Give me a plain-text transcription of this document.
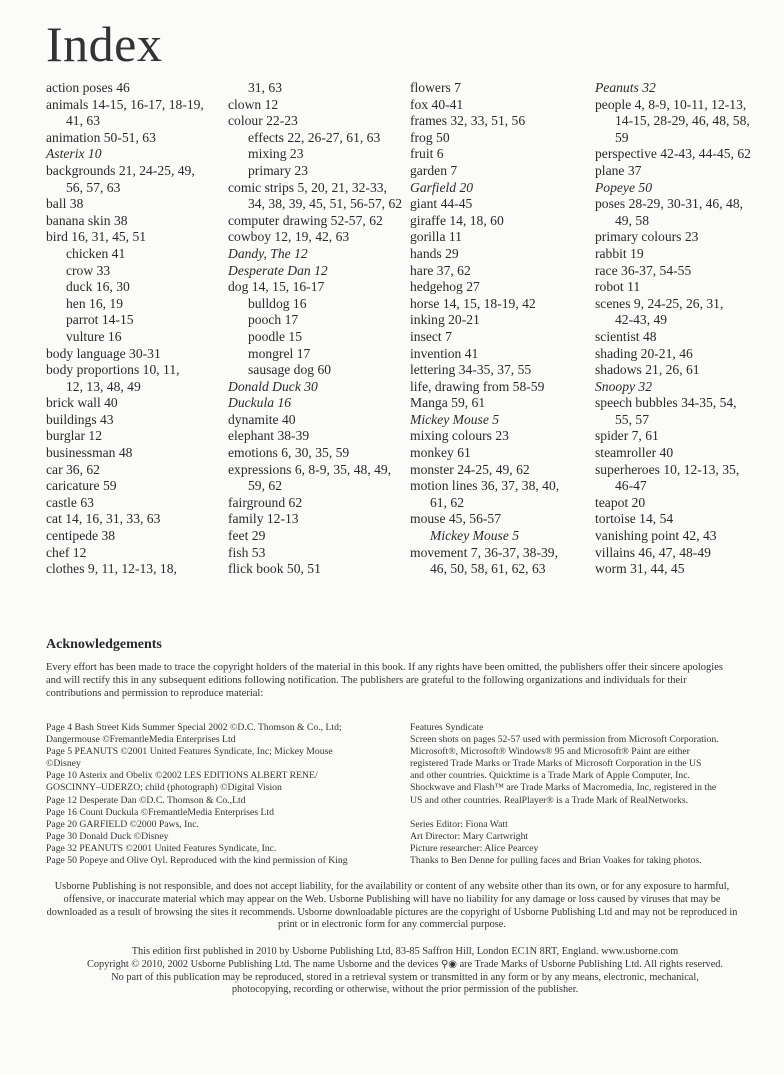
Index
action poses 46
animals 14-15, 16-17, 18-19,
41, 63
animation 50-51, 63
Asterix 10
backgrounds 21, 24-25, 49,
56, 57, 63
ball 38
banana skin 38
bird 16, 31, 45, 51
chicken 41
crow 33
duck 16, 30
hen 16, 19
parrot 14-15
vulture 16
body language 30-31
body proportions 10, 11,
12, 13, 48, 49
brick wall 40
buildings 43
burglar 12
businessman 48
car 36, 62
caricature 59
castle 63
cat 14, 16, 31, 33, 63
centipede 38
chef 12
clothes 9, 11, 12-13, 18,
31, 63
clown 12
colour 22-23
effects 22, 26-27, 61, 63
mixing 23
primary 23
comic strips 5, 20, 21, 32-33,
34, 38, 39, 45, 51, 56-57, 62
computer drawing 52-57, 62
cowboy 12, 19, 42, 63
Dandy, The 12
Desperate Dan 12
dog 14, 15, 16-17
bulldog 16
pooch 17
poodle 15
mongrel 17
sausage dog 60
Donald Duck 30
Duckula 16
dynamite 40
elephant 38-39
emotions 6, 30, 35, 59
expressions 6, 8-9, 35, 48, 49,
59, 62
fairground 62
family 12-13
feet 29
fish 53
flick book 50, 51
flowers 7
fox 40-41
frames 32, 33, 51, 56
frog 50
fruit 6
garden 7
Garfield 20
giant 44-45
giraffe 14, 18, 60
gorilla 11
hands 29
hare 37, 62
hedgehog 27
horse 14, 15, 18-19, 42
inking 20-21
insect 7
invention 41
lettering 34-35, 37, 55
life, drawing from 58-59
Manga 59, 61
Mickey Mouse 5
mixing colours 23
monkey 61
monster 24-25, 49, 62
motion lines 36, 37, 38, 40,
61, 62
mouse 45, 56-57
Mickey Mouse 5
movement 7, 36-37, 38-39,
46, 50, 58, 61, 62, 63
Peanuts 32
people 4, 8-9, 10-11, 12-13,
14-15, 28-29, 46, 48, 58,
59
perspective 42-43, 44-45, 62
plane 37
Popeye 50
poses 28-29, 30-31, 46, 48,
49, 58
primary colours 23
rabbit 19
race 36-37, 54-55
robot 11
scenes 9, 24-25, 26, 31,
42-43, 49
scientist 48
shading 20-21, 46
shadows 21, 26, 61
Snoopy 32
speech bubbles 34-35, 54,
55, 57
spider 7, 61
steamroller 40
superheroes 10, 12-13, 35,
46-47
teapot 20
tortoise 14, 54
vanishing point 42, 43
villains 46, 47, 48-49
worm 31, 44, 45
Acknowledgements

Every effort has been made to trace the copyright holders of the material in this book. If any rights have been omitted, the publishers offer their sincere apologies and will rectify this in any subsequent editions following notification. The publishers are grateful to the following organizations and individuals for their contributions and permission to reproduce material:

Page 4 Bash Street Kids Summer Special 2002 ©D.C. Thomson & Co., Ltd;
Dangermouse ©FremantleMedia Enterprises Ltd
Page 5 PEANUTS ©2001 United Features Syndicate, Inc; Mickey Mouse
©Disney
Page 10 Asterix and Obelix ©2002 LES EDITIONS ALBERT RENE/
GOSCINNY–UDERZO; child (photograph) ©Digital Vision
Page 12 Desperate Dan ©D.C. Thomson & Co.,Ltd
Page 16 Count Duckula ©FremantleMedia Enterprises Ltd
Page 20 GARFIELD ©2000 Paws, Inc.
Page 30 Donald Duck ©Disney
Page 32 PEANUTS ©2001 United Features Syndicate, Inc.
Page 50 Popeye and Olive Oyl. Reproduced with the kind permission of King
Features Syndicate
Screen shots on pages 52-57 used with permission from Microsoft Corporation.
Microsoft®, Microsoft® Windows® 95 and Microsoft® Paint are either
registered Trade Marks or Trade Marks of Microsoft Corporation in the US
and other countries. Quicktime is a Trade Mark of Apple Computer, Inc.
Shockwave and Flash™ are Trade Marks of Macromedia, Inc, registered in the
US and other countries. RealPlayer® is a Trade Mark of RealNetworks.
Series Editor: Fiona Watt
Art Director: Mary Cartwright
Picture researcher: Alice Pearcey
Thanks to Ben Denne for pulling faces and Brian Voakes for taking photos.

Usborne Publishing is not responsible, and does not accept liability, for the availability or content of any website other than its own, or for any exposure to harmful, offensive, or inaccurate material which may appear on the Web. Usborne Publishing will have no liability for any damage or loss caused by viruses that may be downloaded as a result of browsing the sites it recommends. Usborne downloadable pictures are the copyright of Usborne Publishing Ltd and may not be reproduced in print or in electronic form for any commercial purpose.

This edition first published in 2010 by Usborne Publishing Ltd, 83-85 Saffron Hill, London EC1N 8RT, England. www.usborne.com
Copyright © 2010, 2002 Usborne Publishing Ltd. The name Usborne and the devices ⚲◉ are Trade Marks of Usborne Publishing Ltd. All rights reserved.
No part of this publication may be reproduced, stored in a retrieval system or transmitted in any form or by any means, electronic, mechanical,
photocopying, recording or otherwise, without the prior permission of the publisher.
